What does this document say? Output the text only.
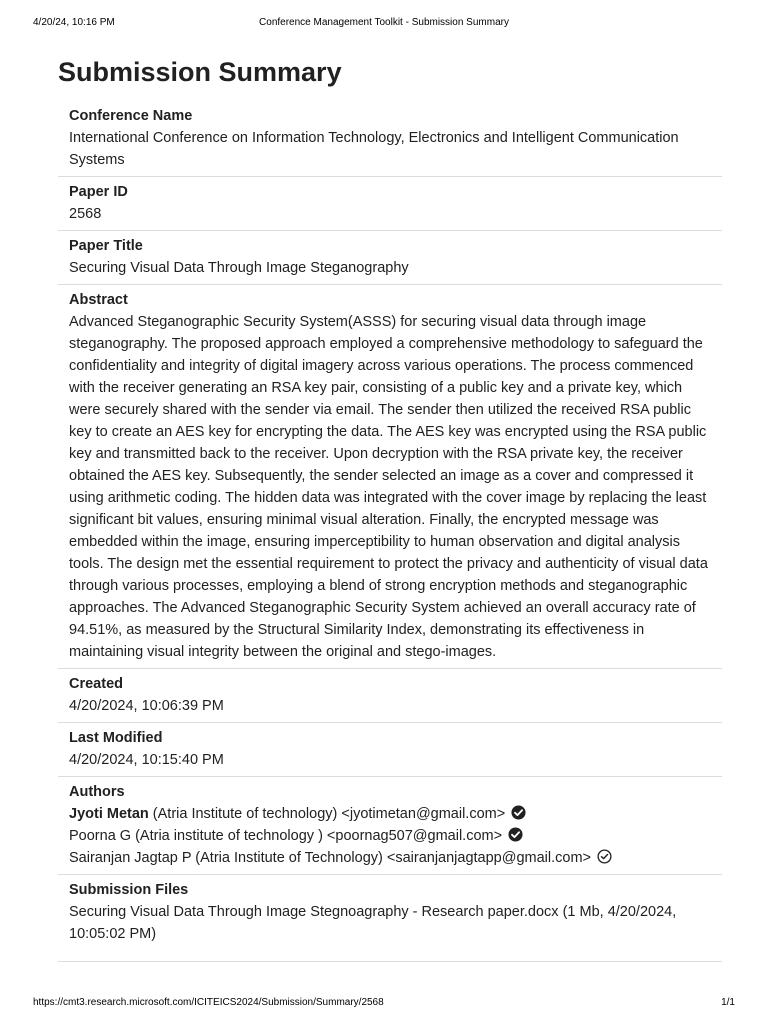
4/20/24, 10:16 PM	Conference Management Toolkit - Submission Summary
Submission Summary
Conference Name
International Conference on Information Technology, Electronics and Intelligent Communication Systems
Paper ID
2568
Paper Title
Securing Visual Data Through Image Steganography
Abstract
Advanced Steganographic Security System(ASSS) for securing visual data through image steganography. The proposed approach employed a comprehensive methodology to safeguard the confidentiality and integrity of digital imagery across various operations. The process commenced with the receiver generating an RSA key pair, consisting of a public key and a private key, which were securely shared with the sender via email. The sender then utilized the received RSA public key to create an AES key for encrypting the data. The AES key was encrypted using the RSA public key and transmitted back to the receiver. Upon decryption with the RSA private key, the receiver obtained the AES key. Subsequently, the sender selected an image as a cover and compressed it using arithmetic coding. The hidden data was integrated with the cover image by replacing the least significant bit values, ensuring minimal visual alteration. Finally, the encrypted message was embedded within the image, ensuring imperceptibility to human observation and digital analysis tools. The design met the essential requirement to protect the privacy and authenticity of visual data through various processes, employing a blend of strong encryption methods and steganographic approaches. The Advanced Steganographic Security System achieved an overall accuracy rate of 94.51%, as measured by the Structural Similarity Index, demonstrating its effectiveness in maintaining visual integrity between the original and stego-images.
Created
4/20/2024, 10:06:39 PM
Last Modified
4/20/2024, 10:15:40 PM
Authors
Jyoti Metan (Atria Institute of technology) <jyotimetan@gmail.com>
Poorna G (Atria institute of technology ) <poornag507@gmail.com>
Sairanjan Jagtap P (Atria Institute of Technology) <sairanjanjagtapp@gmail.com>
Submission Files
Securing Visual Data Through Image Stegnoagraphy - Research paper.docx (1 Mb, 4/20/2024, 10:05:02 PM)
https://cmt3.research.microsoft.com/ICITEICS2024/Submission/Summary/2568	1/1
